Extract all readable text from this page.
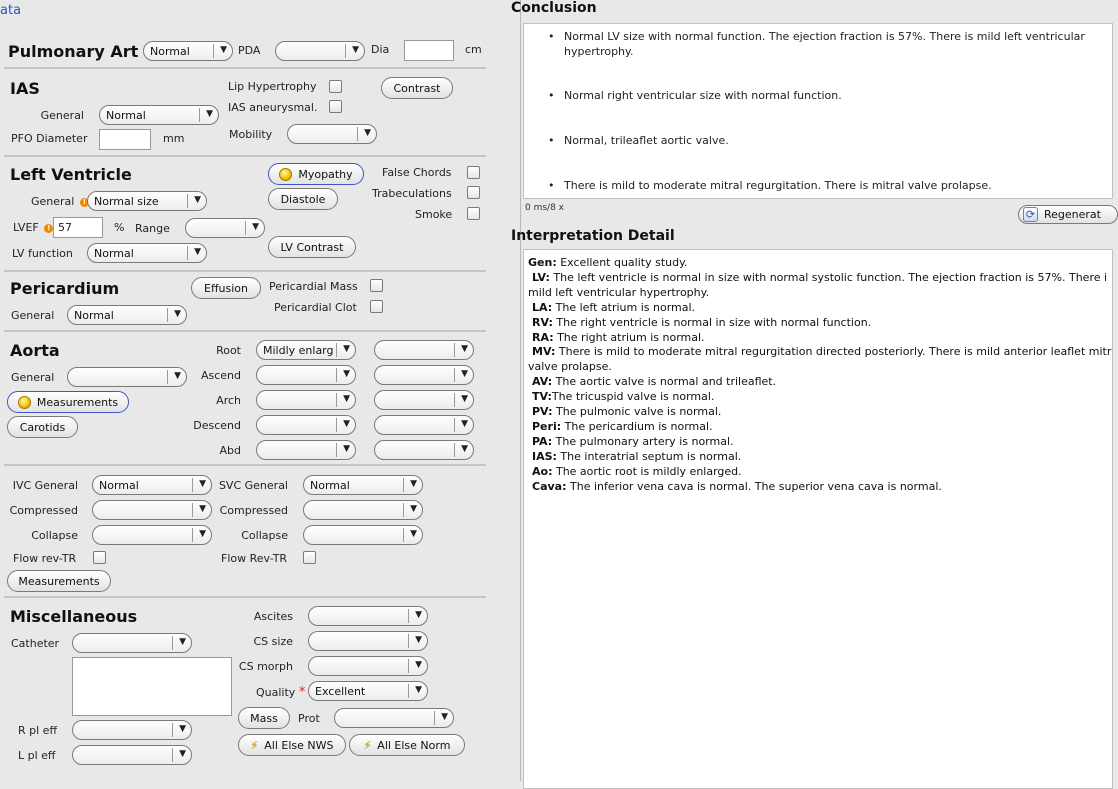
ata
Pulmonary Art Normal	▼ PDA	▼ Dia	cm
IAS
General Normal	▼
PFO Diameter	mm
Lip Hypertrophy
IAS aneurysmal.
Mobility	▼
Contrast
Left Ventricle
General ! Normal size	▼
LVEF ! 57	% Range	▼
LV function Normal	▼
Myopathy
Diastole
LV Contrast
False Chords
Trabeculations
Smoke
Pericardium
General Normal	▼
Effusion	Pericardial Mass
Pericardial Clot
Aorta
General	▼
Measurements
Carotids
Root Mildly enlarg ▼	▼
Ascend	▼	▼
Arch	▼	▼
Descend	▼	▼
Abd	▼	▼
IVC General Normal	▼
Compressed	▼
Collapse	▼
Flow rev-TR
SVC General Normal	▼
Compressed	▼
Collapse	▼
Flow Rev-TR
Measurements
Miscellaneous
Catheter	▼
R pl eff	▼
L pl eff	▼
Ascites	▼
CS size	▼
CS morph	▼
Quality * Excellent	▼
Mass	Prot	▼
⚡ All Else NWS	⚡ All Else Norm
Conclusion
• Normal LV size with normal function. The ejection fraction is 57%. There is mild left ventricular hypertrophy.
• Normal right ventricular size with normal function.
• Normal, trileaflet aortic valve.
• There is mild to moderate mitral regurgitation. There is mitral valve prolapse.
0 ms/8 x	⟳ Regenerat
Interpretation Detail
Gen: Excellent quality study.
LV: The left ventricle is normal in size with normal systolic function. The ejection fraction is 57%. There i
mild left ventricular hypertrophy.
LA: The left atrium is normal.
RV: The right ventricle is normal in size with normal function.
RA: The right atrium is normal.
MV: There is mild to moderate mitral regurgitation directed posteriorly. There is mild anterior leaflet mitr
valve prolapse.
AV: The aortic valve is normal and trileaflet.
TV:The tricuspid valve is normal.
PV: The pulmonic valve is normal.
Peri: The pericardium is normal.
PA: The pulmonary artery is normal.
IAS: The interatrial septum is normal.
Ao: The aortic root is mildly enlarged.
Cava: The inferior vena cava is normal. The superior vena cava is normal.
